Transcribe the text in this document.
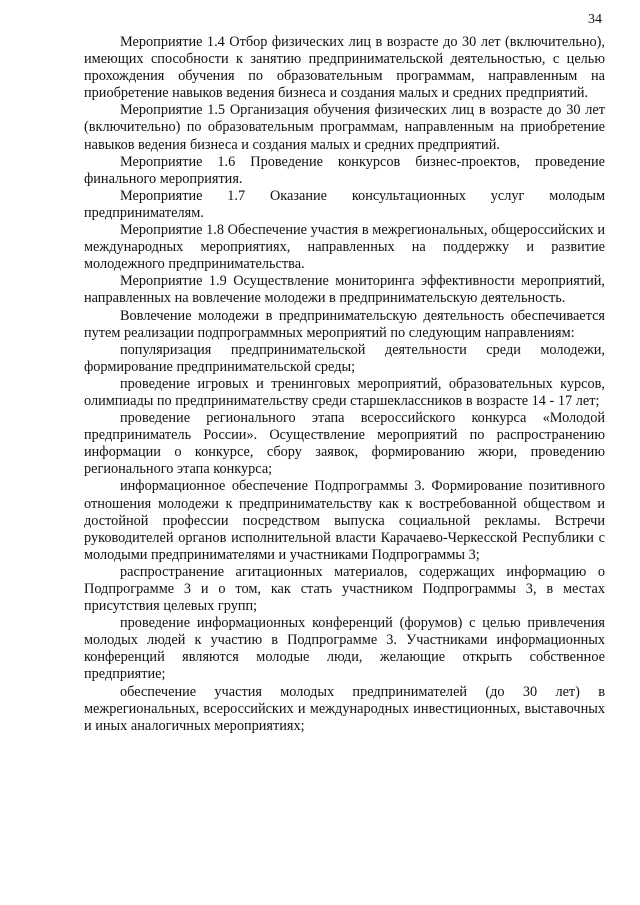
34

Мероприятие 1.4 Отбор физических лиц в возрасте до 30 лет (включительно), имеющих способности к занятию предпринимательской деятельностью, с целью прохождения обучения по образовательным программам, направленным на приобретение навыков ведения бизнеса и создания малых и средних предприятий.

Мероприятие 1.5 Организация обучения физических лиц в возрасте до 30 лет (включительно) по образовательным программам, направленным на приобретение навыков ведения бизнеса и создания малых и средних предприятий.

Мероприятие 1.6 Проведение конкурсов бизнес-проектов, проведение финального мероприятия.

Мероприятие 1.7 Оказание консультационных услуг молодым предпринимателям.

Мероприятие 1.8 Обеспечение участия в межрегиональных, общероссийских и международных мероприятиях, направленных на поддержку и развитие молодежного предпринимательства.

Мероприятие 1.9 Осуществление мониторинга эффективности мероприятий, направленных на вовлечение молодежи в предпринимательскую деятельность.

Вовлечение молодежи в предпринимательскую деятельность обеспечивается путем реализации подпрограммных мероприятий по следующим направлениям:

популяризация предпринимательской деятельности среди молодежи, формирование предпринимательской среды;

проведение игровых и тренинговых мероприятий, образовательных курсов, олимпиады по предпринимательству среди старшеклассников в возрасте 14 - 17 лет;

проведение регионального этапа всероссийского конкурса «Молодой предприниматель России». Осуществление мероприятий по распространению информации о конкурсе, сбору заявок, формированию жюри, проведению регионального этапа конкурса;

информационное обеспечение Подпрограммы 3. Формирование позитивного отношения молодежи к предпринимательству как к востребованной обществом и достойной профессии посредством выпуска социальной рекламы. Встречи руководителей органов исполнительной власти Карачаево-Черкесской Республики с молодыми предпринимателями и участниками Подпрограммы 3;

распространение агитационных материалов, содержащих информацию о Подпрограмме 3 и о том, как стать участником Подпрограммы 3, в местах присутствия целевых групп;

проведение информационных конференций (форумов) с целью привлечения молодых людей к участию в Подпрограмме 3. Участниками информационных конференций являются молодые люди, желающие открыть собственное предприятие;

обеспечение участия молодых предпринимателей (до 30 лет) в межрегиональных, всероссийских и международных инвестиционных, выставочных и иных аналогичных мероприятиях;
